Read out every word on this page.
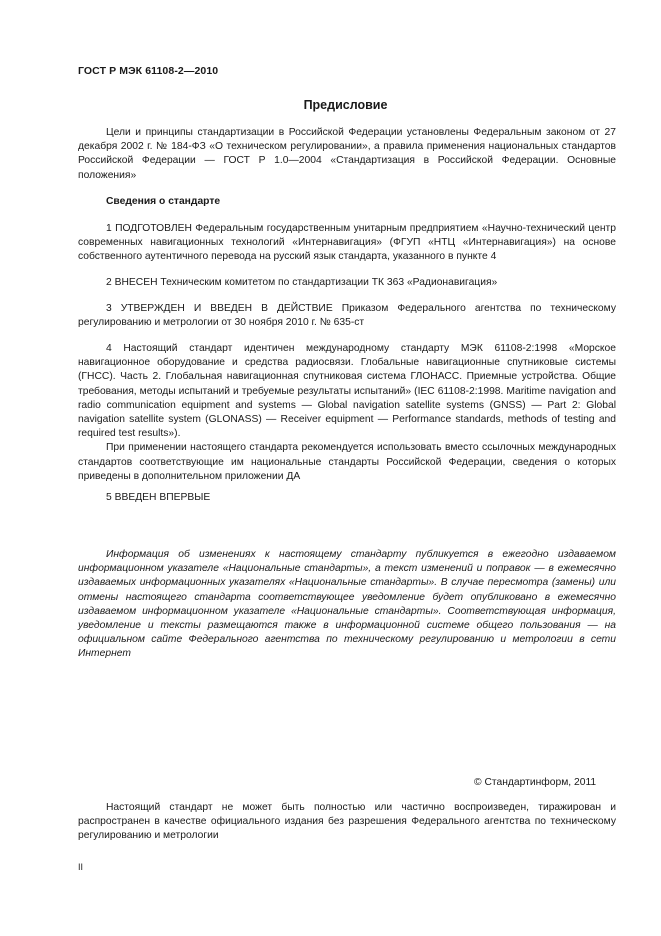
ГОСТ Р МЭК 61108-2—2010
Предисловие

Цели и принципы стандартизации в Российской Федерации установлены Федеральным законом от 27 декабря 2002 г. № 184-ФЗ «О техническом регулировании», а правила применения национальных стандартов Российской Федерации — ГОСТ Р 1.0—2004 «Стандартизация в Российской Федерации. Основные положения»

Сведения о стандарте

1 ПОДГОТОВЛЕН Федеральным государственным унитарным предприятием «Научно-технический центр современных навигационных технологий «Интернавигация» (ФГУП «НТЦ «Интернавигация») на основе собственного аутентичного перевода на русский язык стандарта, указанного в пункте 4

2 ВНЕСЕН Техническим комитетом по стандартизации ТК 363 «Радионавигация»

3 УТВЕРЖДЕН И ВВЕДЕН В ДЕЙСТВИЕ Приказом Федерального агентства по техническому регулированию и метрологии от 30 ноября 2010 г. № 635-ст

4 Настоящий стандарт идентичен международному стандарту МЭК 61108-2:1998 «Морское навигационное оборудование и средства радиосвязи. Глобальные навигационные спутниковые системы (ГНСС). Часть 2. Глобальная навигационная спутниковая система ГЛОНАСС. Приемные устройства. Общие требования, методы испытаний и требуемые результаты испытаний» (IEC 61108-2:1998. Maritime navigation and radio communication equipment and systems — Global navigation satellite systems (GNSS) — Part 2: Global navigation satellite system (GLONASS) — Receiver equipment — Performance standards, methods of testing and required test results»).

При применении настоящего стандарта рекомендуется использовать вместо ссылочных международных стандартов соответствующие им национальные стандарты Российской Федерации, сведения о которых приведены в дополнительном приложении ДА

5 ВВЕДЕН ВПЕРВЫЕ

Информация об изменениях к настоящему стандарту публикуется в ежегодно издаваемом информационном указателе «Национальные стандарты», а текст изменений и поправок — в ежемесячно издаваемых информационных указателях «Национальные стандарты». В случае пересмотра (замены) или отмены настоящего стандарта соответствующее уведомление будет опубликовано в ежемесячно издаваемом информационном указателе «Национальные стандарты». Соответствующая информация, уведомление и тексты размещаются также в информационной системе общего пользования — на официальном сайте Федерального агентства по техническому регулированию и метрологии в сети Интернет

© Стандартинформ, 2011

Настоящий стандарт не может быть полностью или частично воспроизведен, тиражирован и распространен в качестве официального издания без разрешения Федерального агентства по техническому регулированию и метрологии

II
